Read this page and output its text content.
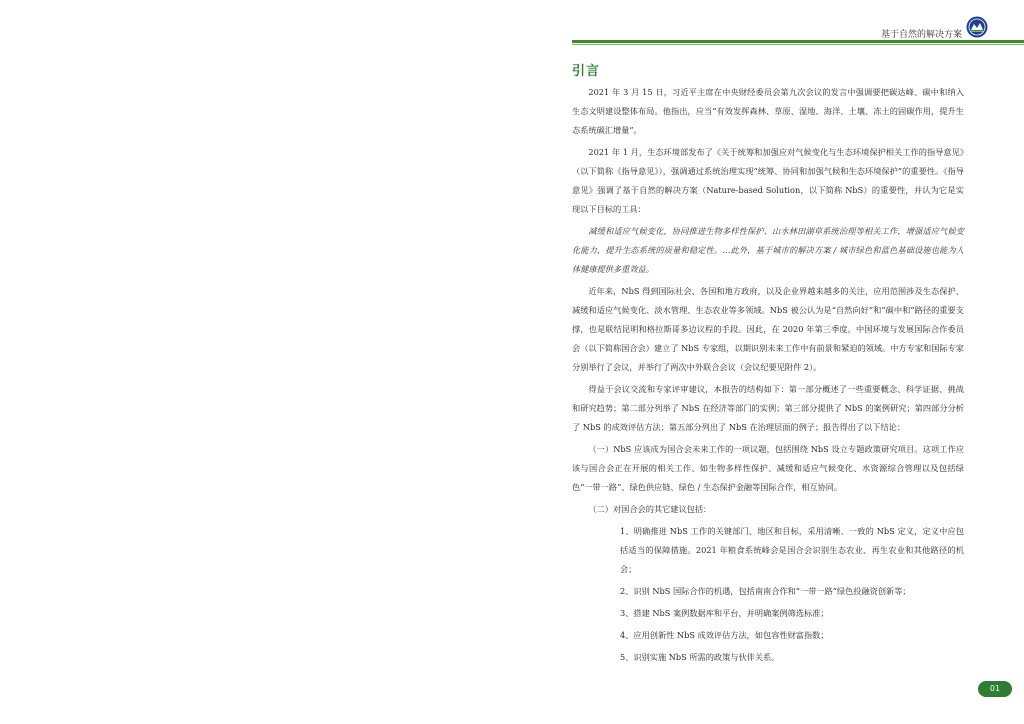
基于自然的解决方案
引言

2021 年 3 月 15 日，习近平主席在中央财经委员会第九次会议的发言中强调要把碳达峰、碳中和纳入生态文明建设整体布局。他指出，应当“有效发挥森林、草原、湿地、海洋、土壤、冻土的固碳作用，提升生态系统碳汇增量”。

2021 年 1 月，生态环境部发布了《关于统筹和加强应对气候变化与生态环境保护相关工作的指导意见》（以下简称《指导意见》），强调通过系统治理实现“统筹、协同和加强气候和生态环境保护”的重要性。《指导意见》强调了基于自然的解决方案（Nature-based Solution，以下简称 NbS）的重要性，并认为它是实现以下目标的工具：

减缓和适应气候变化，协同推进生物多样性保护、山水林田湖草系统治理等相关工作，增强适应气候变化能力，提升生态系统的质量和稳定性。…此外，基于城市的解决方案 / 城市绿色和蓝色基础设施也能为人体健康提供多重效益。

近年来，NbS 得到国际社会、各国和地方政府，以及企业界越来越多的关注，应用范围涉及生态保护、减缓和适应气候变化、淡水管理、生态农业等多领域。NbS 被公认为是“自然向好”和“碳中和”路径的重要支撑，也是联结昆明和格拉斯哥多边议程的手段。因此，在 2020 年第三季度，中国环境与发展国际合作委员会（以下简称国合会）建立了 NbS 专家组，以期识别未来工作中有前景和紧迫的领域。中方专家和国际专家分别举行了会议，并举行了两次中外联合会议（会议纪要见附件 2）。

得益于会议交流和专家评审建议，本报告的结构如下：第一部分概述了一些重要概念、科学证据、挑战和研究趋势；第二部分列举了 NbS 在经济等部门的实例；第三部分提供了 NbS 的案例研究；第四部分分析了 NbS 的成效评估方法；第五部分列出了 NbS 在治理层面的例子；报告得出了以下结论：

（一）NbS 应该成为国合会未来工作的一项议题，包括围绕 NbS 设立专题政策研究项目。这项工作应该与国合会正在开展的相关工作、如生物多样性保护、减缓和适应气候变化、水资源综合管理以及包括绿色“一带一路”、绿色供应链、绿色 / 生态保护金融等国际合作，相互协同。

（二）对国合会的其它建议包括：

1、明确推进 NbS 工作的关键部门、地区和目标，采用清晰、一致的 NbS 定义，定义中应包括适当的保障措施。2021 年粮食系统峰会是国合会识别生态农业、再生农业和其他路径的机会；

2、识别 NbS 国际合作的机遇，包括南南合作和“一带一路”绿色投融资创新等；

3、搭建 NbS 案例数据库和平台，并明确案例筛选标准；

4、应用创新性 NbS 成效评估方法，如包容性财富指数；

5、识别实施 NbS 所需的政策与伙伴关系。

01
